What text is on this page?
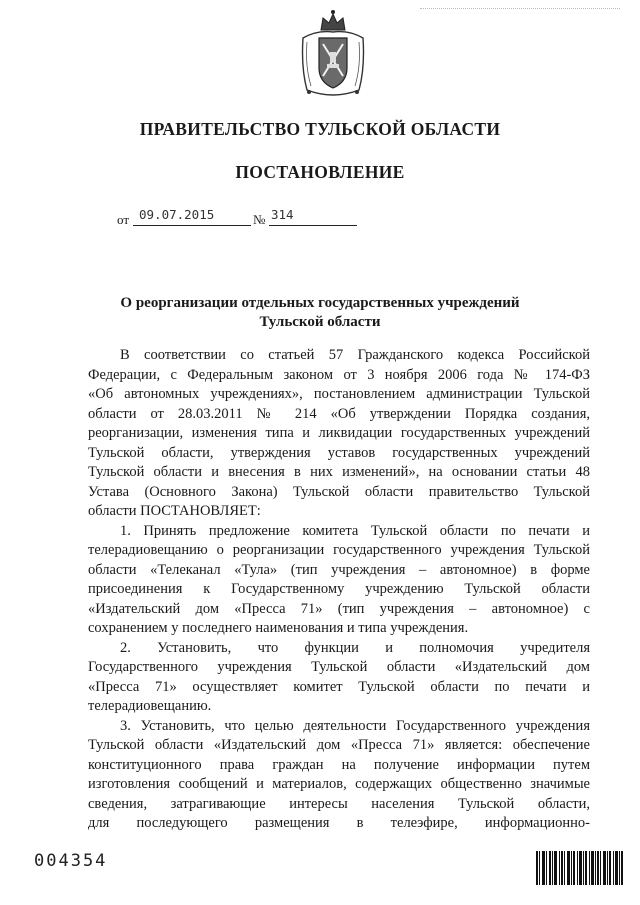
ПРАВИТЕЛЬСТВО ТУЛЬСКОЙ ОБЛАСТИ
ПОСТАНОВЛЕНИЕ
от 09.07.2015	№ 314
О реорганизации отдельных государственных учреждений
Тульской области

В соответствии со статьей 57 Гражданского кодекса Российской

Федерации, с Федеральным законом от 3 ноября 2006 года № 174-ФЗ

«Об автономных учреждениях», постановлением администрации Тульской

области от 28.03.2011 № 214 «Об утверждении Порядка создания,

реорганизации, изменения типа и ликвидации государственных учреждений

Тульской области, утверждения уставов государственных учреждений

Тульской области и внесения в них изменений», на основании статьи 48

Устава (Основного Закона) Тульской области правительство Тульской

области ПОСТАНОВЛЯЕТ:

1. Принять предложение комитета Тульской области по печати и

телерадиовещанию о реорганизации государственного учреждения Тульской

области «Телеканал «Тула» (тип учреждения – автономное) в форме

присоединения к Государственному учреждению Тульской области

«Издательский дом «Пресса 71» (тип учреждения – автономное) с

сохранением у последнего наименования и типа учреждения.

2. Установить, что функции и полномочия учредителя

Государственного учреждения Тульской области «Издательский дом

«Пресса 71» осуществляет комитет Тульской области по печати и

телерадиовещанию.

3. Установить, что целью деятельности Государственного учреждения

Тульской области «Издательский дом «Пресса 71» является: обеспечение

конституционного права граждан на получение информации путем

изготовления сообщений и материалов, содержащих общественно значимые

сведения, затрагивающие интересы населения Тульской области,

для последующего размещения в телеэфире, информационно-

004354
